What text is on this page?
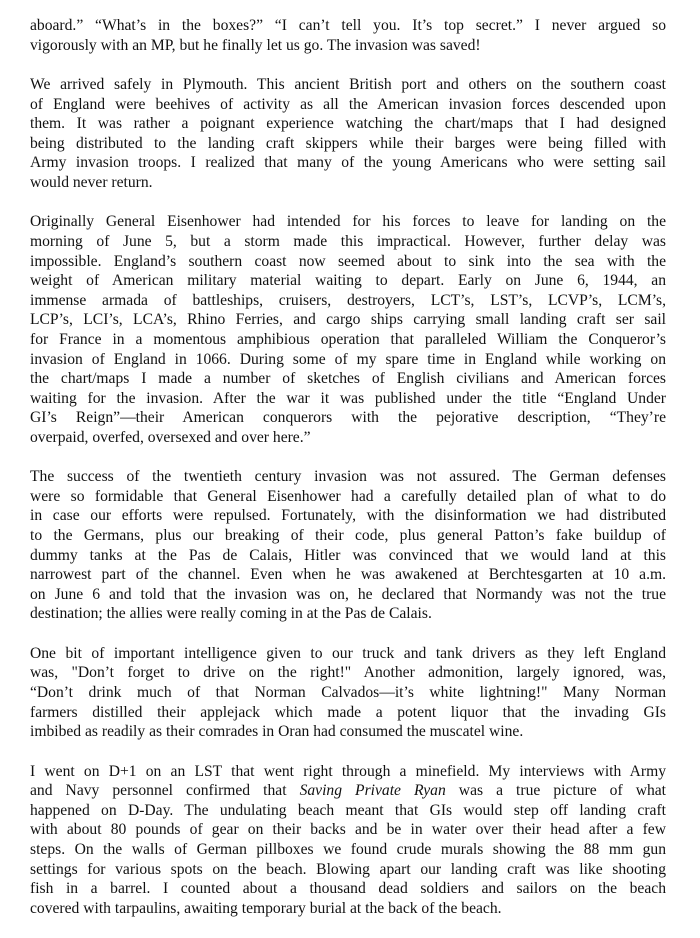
aboard.” “What’s in the boxes?” “I can’t tell you. It’s top secret.” I never argued so
vigorously with an MP, but he finally let us go. The invasion was saved!
We arrived safely in Plymouth. This ancient British port and others on the southern coast
of England were beehives of activity as all the American invasion forces descended upon
them. It was rather a poignant experience watching the chart/maps that I had designed
being distributed to the landing craft skippers while their barges were being filled with
Army invasion troops. I realized that many of the young Americans who were setting sail
would never return.
Originally General Eisenhower had intended for his forces to leave for landing on the
morning of June 5, but a storm made this impractical. However, further delay was
impossible. England’s southern coast now seemed about to sink into the sea with the
weight of American military material waiting to depart. Early on June 6, 1944, an
immense armada of battleships, cruisers, destroyers, LCT’s, LST’s, LCVP’s, LCM’s,
LCP’s, LCI’s, LCA’s, Rhino Ferries, and cargo ships carrying small landing craft ser sail
for France in a momentous amphibious operation that paralleled William the Conqueror’s
invasion of England in 1066. During some of my spare time in England while working on
the chart/maps I made a number of sketches of English civilians and American forces
waiting for the invasion. After the war it was published under the title “England Under
GI’s Reign”—their American conquerors with the pejorative description, “They’re
overpaid, overfed, oversexed and over here.”
The success of the twentieth century invasion was not assured. The German defenses
were so formidable that General Eisenhower had a carefully detailed plan of what to do
in case our efforts were repulsed. Fortunately, with the disinformation we had distributed
to the Germans, plus our breaking of their code, plus general Patton’s fake buildup of
dummy tanks at the Pas de Calais, Hitler was convinced that we would land at this
narrowest part of the channel. Even when he was awakened at Berchtesgarten at 10 a.m.
on June 6 and told that the invasion was on, he declared that Normandy was not the true
destination; the allies were really coming in at the Pas de Calais.
One bit of important intelligence given to our truck and tank drivers as they left England
was, "Don’t forget to drive on the right!" Another admonition, largely ignored, was,
“Don’t drink much of that Norman Calvados—it’s white lightning!" Many Norman
farmers distilled their applejack which made a potent liquor that the invading GIs
imbibed as readily as their comrades in Oran had consumed the muscatel wine.
I went on D+1 on an LST that went right through a minefield. My interviews with Army
and Navy personnel confirmed that Saving Private Ryan was a true picture of what
happened on D-Day. The undulating beach meant that GIs would step off landing craft
with about 80 pounds of gear on their backs and be in water over their head after a few
steps. On the walls of German pillboxes we found crude murals showing the 88 mm gun
settings for various spots on the beach. Blowing apart our landing craft was like shooting
fish in a barrel. I counted about a thousand dead soldiers and sailors on the beach
covered with tarpaulins, awaiting temporary burial at the back of the beach.
